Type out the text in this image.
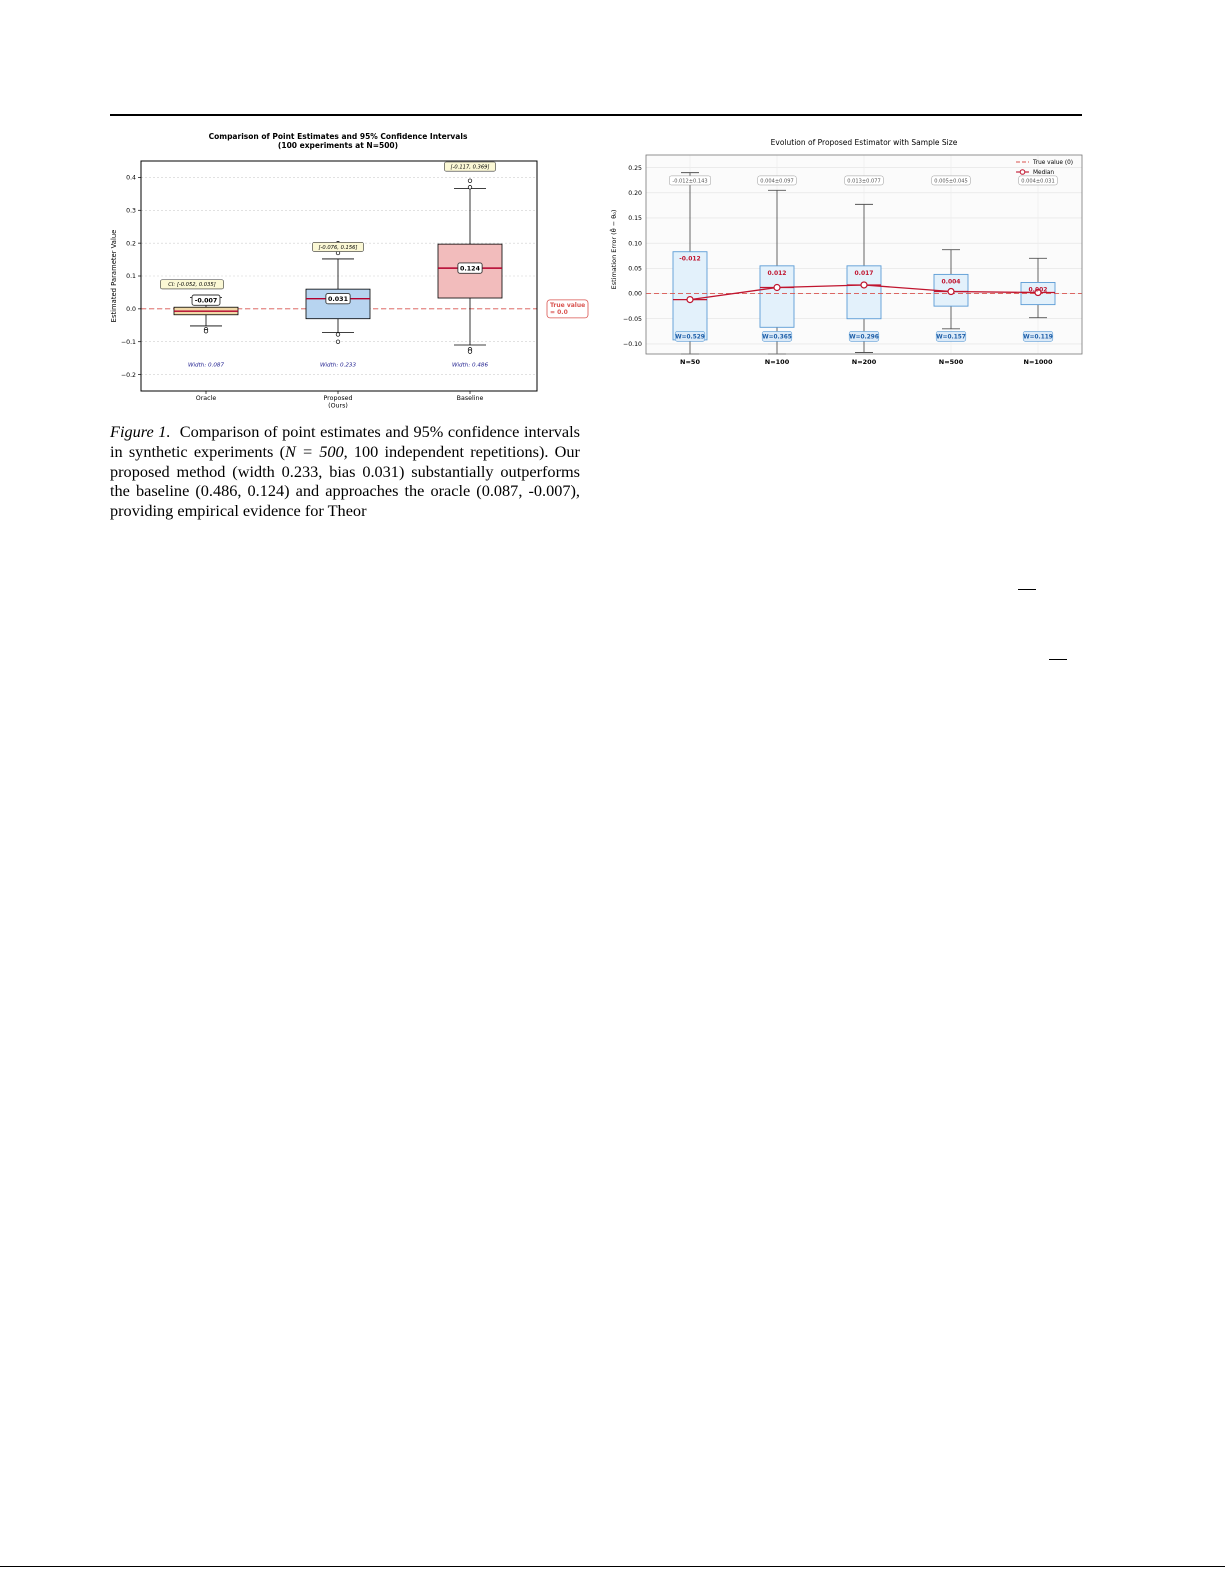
Comparison of Point Estimates and 95% Confidence Intervals
(100 experiments at N=500)
0.4
0.3
0.2
0.1
0.0
−0.1
−0.2
Estimated Parameter Value	-0.007
CI: [-0.052, 0.035]
Width: 0.087
Oracle
0.031
[-0.076, 0.156]
Width: 0.233
Proposed
(Ours)
0.124
[-0.117, 0.369]
Width: 0.486
Baseline
True value
= 0.0
Evolution of Proposed Estimator with Sample Size
0.25
0.20
0.15
0.10
0.05
0.00
−0.05
−0.10
Estimation Error (θ̂ − θ₀)	-0.012
-0.012±0.143
W=0.529
N=50
0.012
0.004±0.097
W=0.365
N=100
0.017
0.013±0.077
W=0.296
N=200
0.004
0.005±0.045
W=0.157
N=500
0.002
0.004±0.031
W=0.119
N=1000
True value (0)
Median
Figure 1. Comparison of point estimates and 95% confidence intervals in synthetic experiments (N = 500, 100 independent repetitions). Our proposed method (width 0.233, bias 0.031) substantially outperforms the baseline (0.486, 0.124) and approaches the oracle (0.087, -0.007), providing empirical evidence for Theor
